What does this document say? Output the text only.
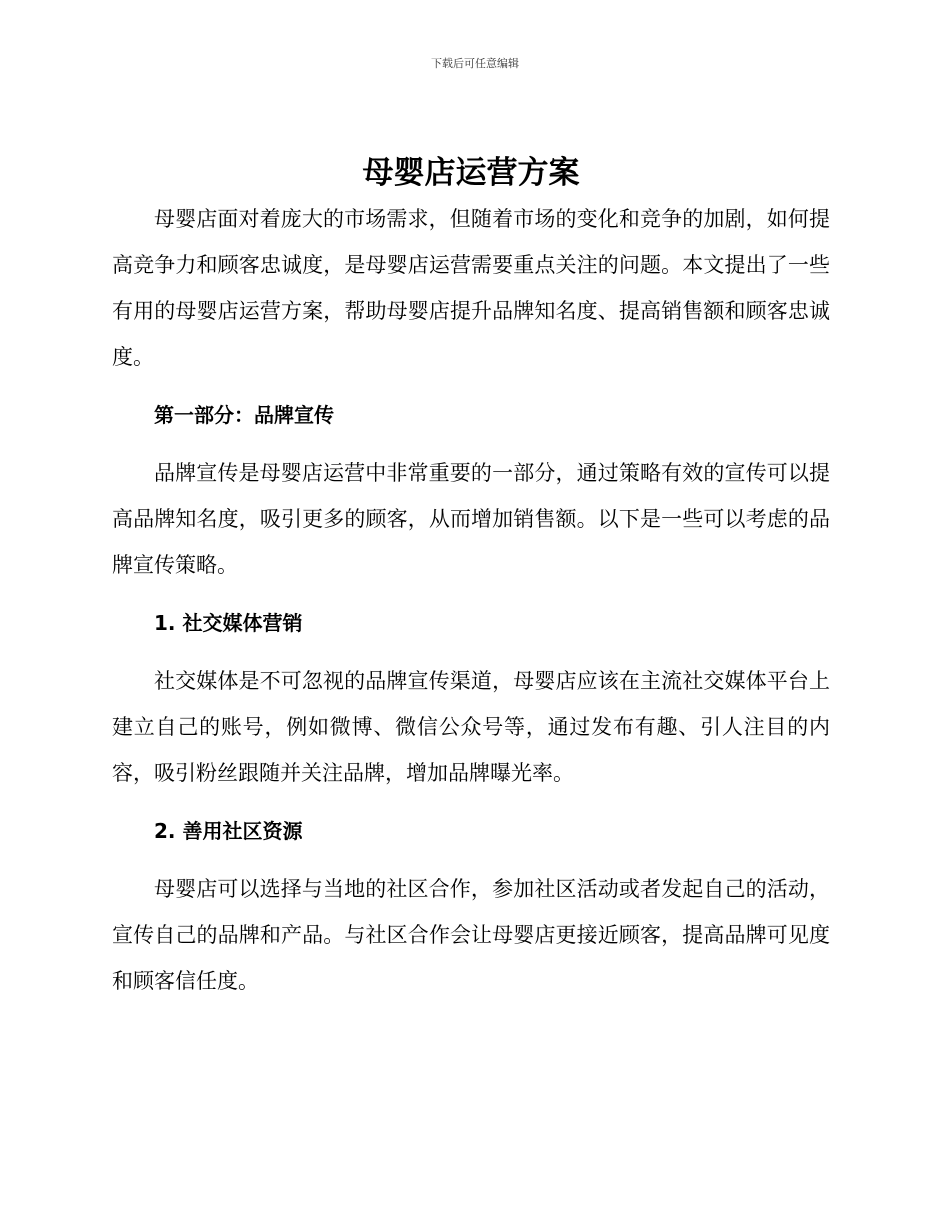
下载后可任意编辑
母婴店运营方案

母婴店面对着庞大的市场需求，但随着市场的变化和竞争的加剧，如何提高竞争力和顾客忠诚度，是母婴店运营需要重点关注的问题。本文提出了一些有用的母婴店运营方案，帮助母婴店提升品牌知名度、提高销售额和顾客忠诚度。

第一部分：品牌宣传

品牌宣传是母婴店运营中非常重要的一部分，通过策略有效的宣传可以提高品牌知名度，吸引更多的顾客，从而增加销售额。以下是一些可以考虑的品牌宣传策略。

1. 社交媒体营销

社交媒体是不可忽视的品牌宣传渠道，母婴店应该在主流社交媒体平台上建立自己的账号，例如微博、微信公众号等，通过发布有趣、引人注目的内容，吸引粉丝跟随并关注品牌，增加品牌曝光率。

2. 善用社区资源

母婴店可以选择与当地的社区合作，参加社区活动或者发起自己的活动，宣传自己的品牌和产品。与社区合作会让母婴店更接近顾客，提高品牌可见度和顾客信任度。
